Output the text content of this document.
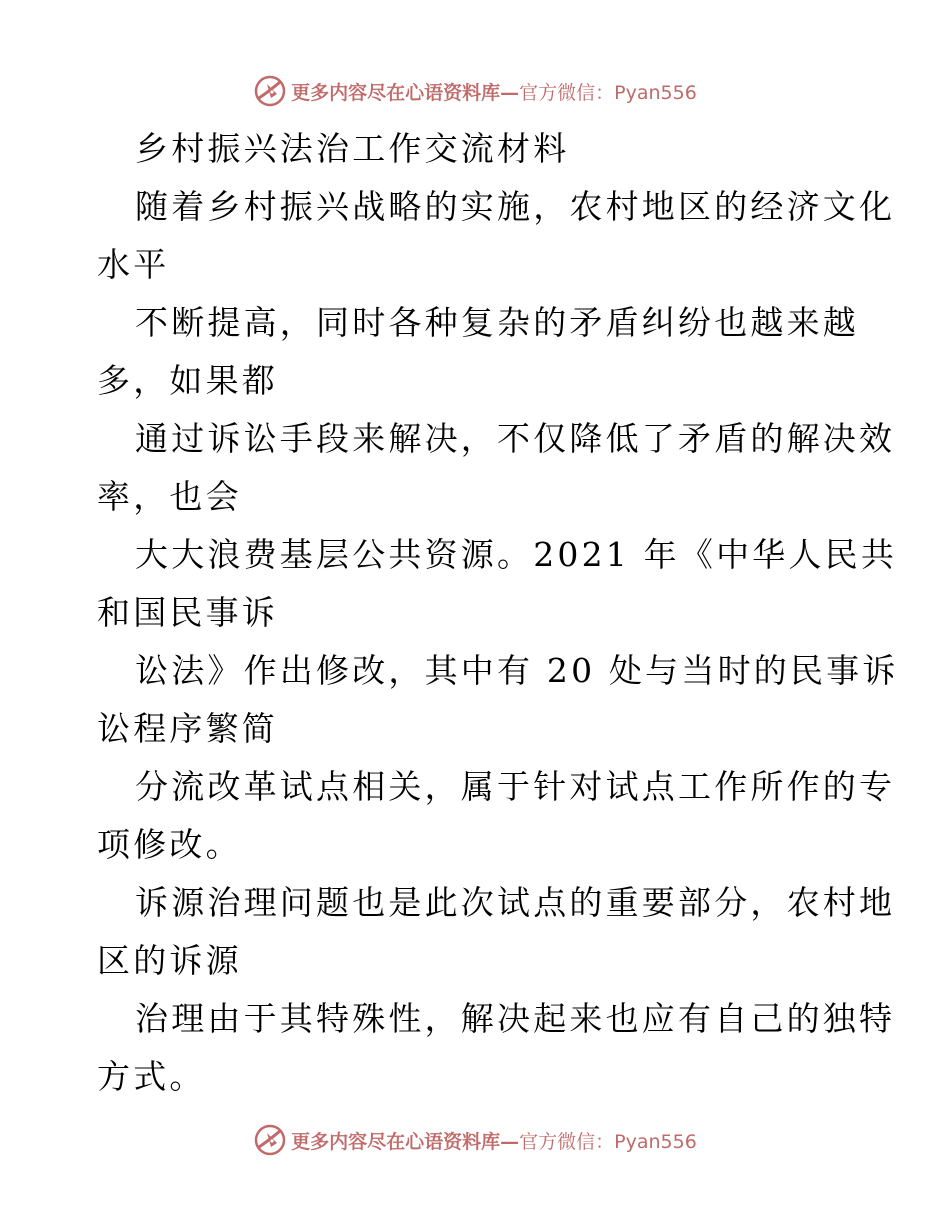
更多内容尽在心语资料库—官方微信：Pyan556
乡村振兴法治工作交流材料
随着乡村振兴战略的实施，农村地区的经济文化
水平
不断提高，同时各种复杂的矛盾纠纷也越来越
多，如果都
通过诉讼手段来解决，不仅降低了矛盾的解决效
率，也会
大大浪费基层公共资源。2021 年《中华人民共
和国民事诉
讼法》作出修改，其中有 20 处与当时的民事诉
讼程序繁简
分流改革试点相关，属于针对试点工作所作的专
项修改。
诉源治理问题也是此次试点的重要部分，农村地
区的诉源
治理由于其特殊性，解决起来也应有自己的独特
方式。
更多内容尽在心语资料库—官方微信：Pyan556
